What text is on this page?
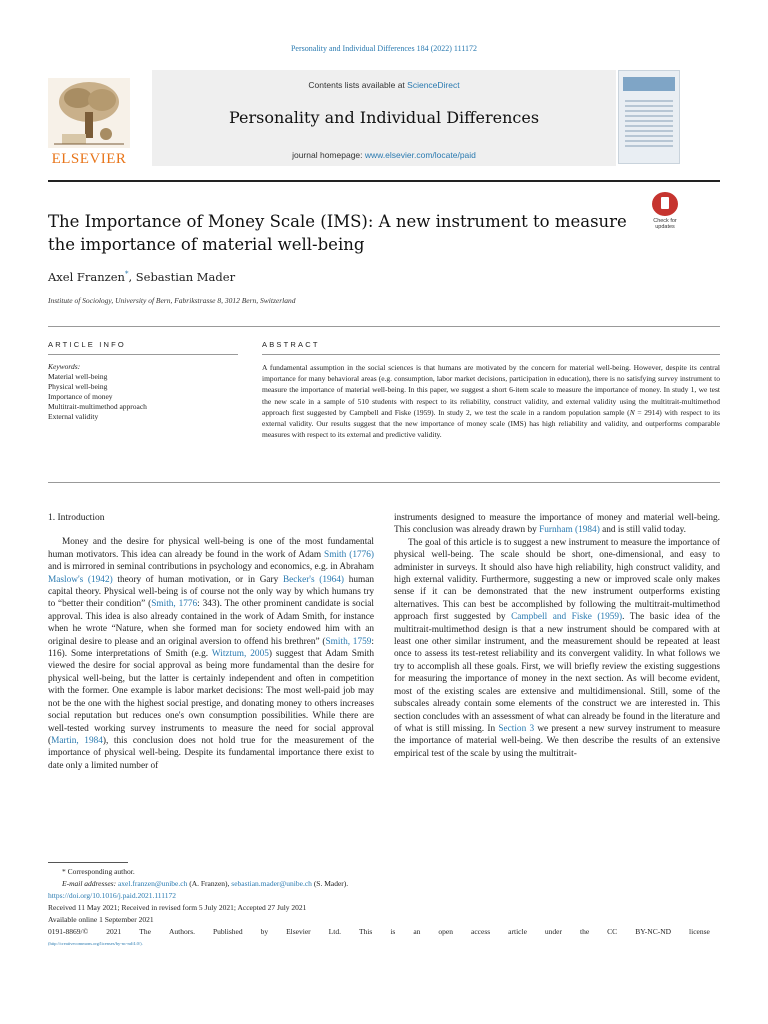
Personality and Individual Differences 184 (2022) 111172
ELSEVIER
Contents lists available at ScienceDirect
Personality and Individual Differences
journal homepage: www.elsevier.com/locate/paid
The Importance of Money Scale (IMS): A new instrument to measure the importance of material well-being
Check for updates
Axel Franzen*, Sebastian Mader
Institute of Sociology, University of Bern, Fabrikstrasse 8, 3012 Bern, Switzerland
ARTICLE INFO	ABSTRACT
Keywords:
Material well-being
Physical well-being
Importance of money
Multitrait-multimethod approach
External validity
A fundamental assumption in the social sciences is that humans are motivated by the concern for material well-being. However, despite its central importance for many behavioral areas (e.g. consumption, labor market decisions, participation in education), there is no satisfying survey instrument to measure the importance of material well-being. In this paper, we suggest a short 6-item scale to measure the importance of money. In study 1, we test the new scale in a sample of 510 students with respect to its reliability, construct validity, and external validity using the multitrait-multimethod approach first suggested by Campbell and Fiske (1959). In study 2, we test the scale in a random population sample (N = 2914) with respect to its external validity. Our results suggest that the new importance of money scale (IMS) has high reliability and validity, and outperforms comparable measures with respect to its external and predictive validity.
1. Introduction

Money and the desire for physical well-being is one of the most fundamental human motivators. This idea can already be found in the work of Adam Smith (1776) and is mirrored in seminal contributions in psychology and economics, e.g. in Abraham Maslow's (1942) theory of human motivation, or in Gary Becker's (1964) human capital theory. Physical well-being is of course not the only way by which humans try to “better their condition” (Smith, 1776: 343). The other prominent candidate is social approval. This idea is also already contained in the work of Adam Smith, for instance when he wrote “Nature, when she formed man for society endowed him with an original desire to please and an original aversion to offend his brethren” (Smith, 1759: 116). Some interpretations of Smith (e.g. Witztum, 2005) suggest that Adam Smith viewed the desire for social approval as being more fundamental than the desire for physical well-being, but the latter is certainly independent and often in competition with the former. One example is labor market decisions: The most well-paid job may not be the one with the highest social prestige, and donating money to others increases social reputation but reduces one's own consumption possibilities. While there are well-tested working survey instruments to measure the need for social approval (Martin, 1984), this conclusion does not hold true for the measurement of the importance of physical well-being. Despite its fundamental importance there exist to date only a limited number of

instruments designed to measure the importance of money and material well-being. This conclusion was already drawn by Furnham (1984) and is still valid today.

The goal of this article is to suggest a new instrument to measure the importance of physical well-being. The scale should be short, one-dimensional, and easy to administer in surveys. It should also have high reliability, high construct validity, and high external validity. Furthermore, suggesting a new or improved scale only makes sense if it can be demonstrated that the new instrument outperforms existing alternatives. This can best be accomplished by following the multitrait-multimethod approach first suggested by Campbell and Fiske (1959). The basic idea of the multitrait-multimethod design is that a new instrument should be compared with at least one other similar instrument, and the measurement should be repeated at least once to assess its test-retest reliability and its convergent validity. In what follows we try to accomplish all these goals. First, we will briefly review the existing suggestions for measuring the importance of money in the next section. As will become evident, most of the existing scales are extensive and multidimensional. Still, some of the subscales already contain some elements of the construct we are interested in. This section concludes with an assessment of what can already be found in the literature and of what is still missing. In Section 3 we present a new survey instrument to measure the importance of material well-being. We then describe the results of an extensive empirical test of the scale by using the multitrait-

* Corresponding author.
E-mail addresses: axel.franzen@unibe.ch (A. Franzen), sebastian.mader@unibe.ch (S. Mader).
https://doi.org/10.1016/j.paid.2021.111172
Received 11 May 2021; Received in revised form 5 July 2021; Accepted 27 July 2021
Available online 1 September 2021
0191-8869/© 2021 The Authors. Published by Elsevier Ltd. This is an open access article under the CC BY-NC-ND license
(http://creativecommons.org/licenses/by-nc-nd/4.0/).
